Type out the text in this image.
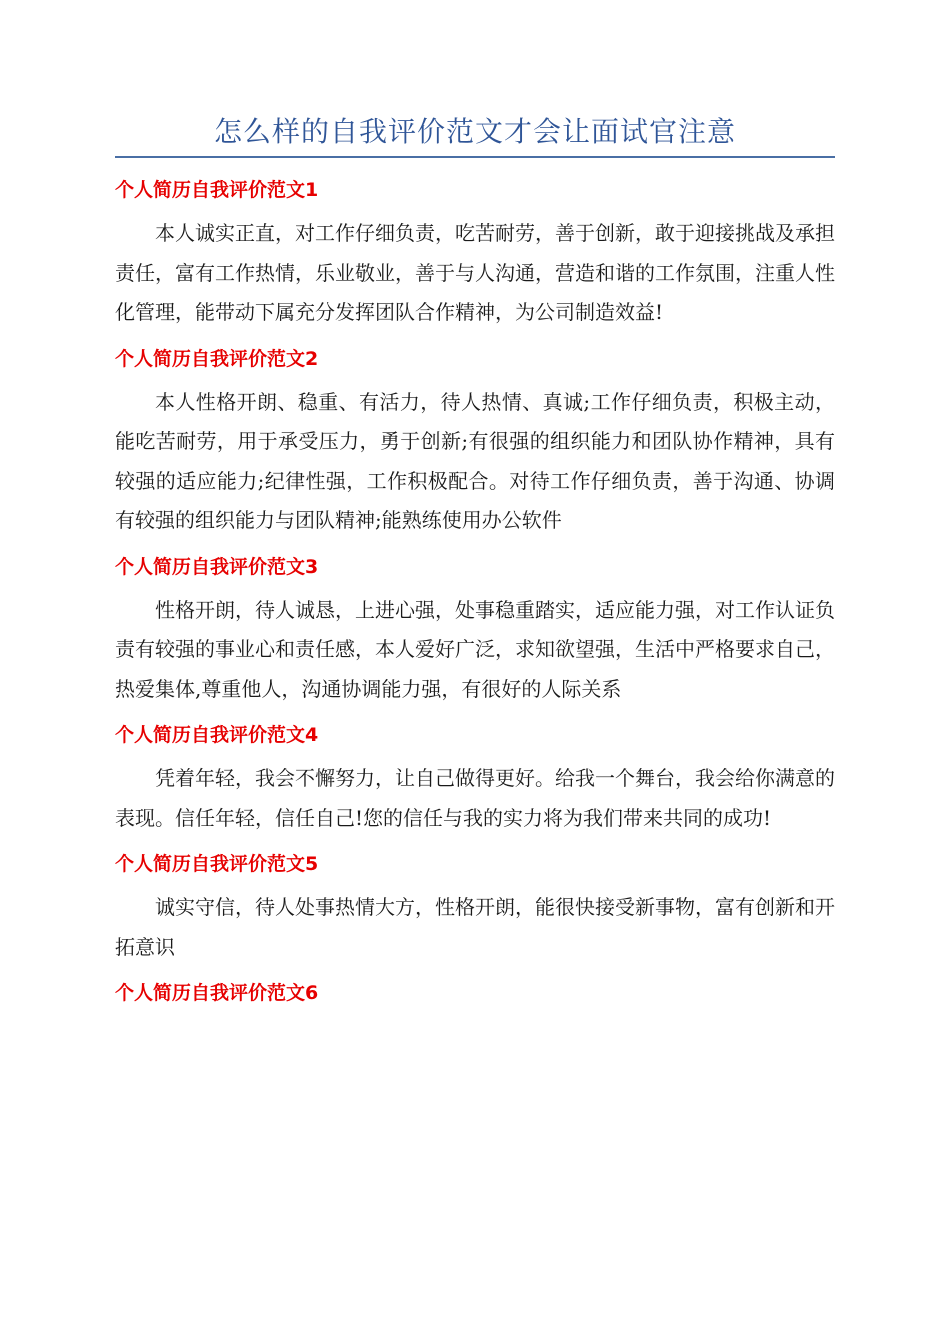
怎么样的自我评价范文才会让面试官注意
个人简历自我评价范文1

本人诚实正直，对工作仔细负责，吃苦耐劳，善于创新，敢于迎接挑战及承担责任，富有工作热情，乐业敬业，善于与人沟通，营造和谐的工作氛围，注重人性化管理，能带动下属充分发挥团队合作精神，为公司制造效益!

个人简历自我评价范文2

本人性格开朗、稳重、有活力，待人热情、真诚;工作仔细负责，积极主动，能吃苦耐劳，用于承受压力，勇于创新;有很强的组织能力和团队协作精神，具有较强的适应能力;纪律性强，工作积极配合。对待工作仔细负责，善于沟通、协调有较强的组织能力与团队精神;能熟练使用办公软件

个人简历自我评价范文3

性格开朗，待人诚恳，上进心强，处事稳重踏实，适应能力强，对工作认证负责有较强的事业心和责任感，本人爱好广泛，求知欲望强，生活中严格要求自己，热爱集体,尊重他人，沟通协调能力强，有很好的人际关系

个人简历自我评价范文4

凭着年轻，我会不懈努力，让自己做得更好。给我一个舞台，我会给你满意的表现。信任年轻，信任自己!您的信任与我的实力将为我们带来共同的成功!

个人简历自我评价范文5

诚实守信，待人处事热情大方，性格开朗，能很快接受新事物，富有创新和开拓意识

个人简历自我评价范文6
